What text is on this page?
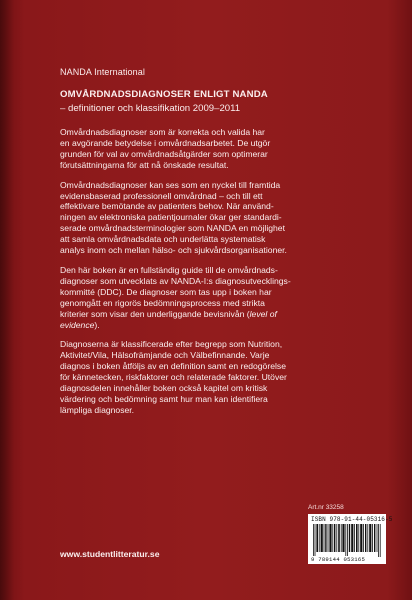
NANDA International
OMVÅRDNADSDIAGNOSER ENLIGT NANDA
– definitioner och klassifikation 2009–2011

Omvårdnadsdiagnoser som är korrekta och valida har
en avgörande betydelse i omvårdnadsarbetet. De utgör
grunden för val av omvårdnadsåtgärder som optimerar
förutsättningarna för att nå önskade resultat.

Omvårdnadsdiagnoser kan ses som en nyckel till framtida
evidensbaserad professionell omvårdnad – och till ett
effektivare bemötande av patienters behov. När använd-
ningen av elektroniska patientjournaler ökar ger standardi-
serade omvårdnadsterminologier som NANDA en möjlighet
att samla omvårdnadsdata och underlätta systematisk
analys inom och mellan hälso- och sjukvårdsorganisationer.

Den här boken är en fullständig guide till de omvårdnads-
diagnoser som utvecklats av NANDA-I:s diagnosutvecklings-
kommitté (DDC). De diagnoser som tas upp i boken har
genomgått en rigorös bedömningsprocess med strikta
kriterier som visar den underliggande bevisnivån (level of
evidence).

Diagnoserna är klassificerade efter begrepp som Nutrition,
Aktivitet/Vila, Hälsofrämjande och Välbefinnande. Varje
diagnos i boken åtföljs av en definition samt en redogörelse
för kännetecken, riskfaktorer och relaterade faktorer. Utöver
diagnosdelen innehåller boken också kapitel om kritisk
värdering och bedömning samt hur man kan identifiera
lämpliga diagnoser.

Art.nr 33258
ISBN 978-91-44-05316-5
9 789144 053165
www.studentlitteratur.se
